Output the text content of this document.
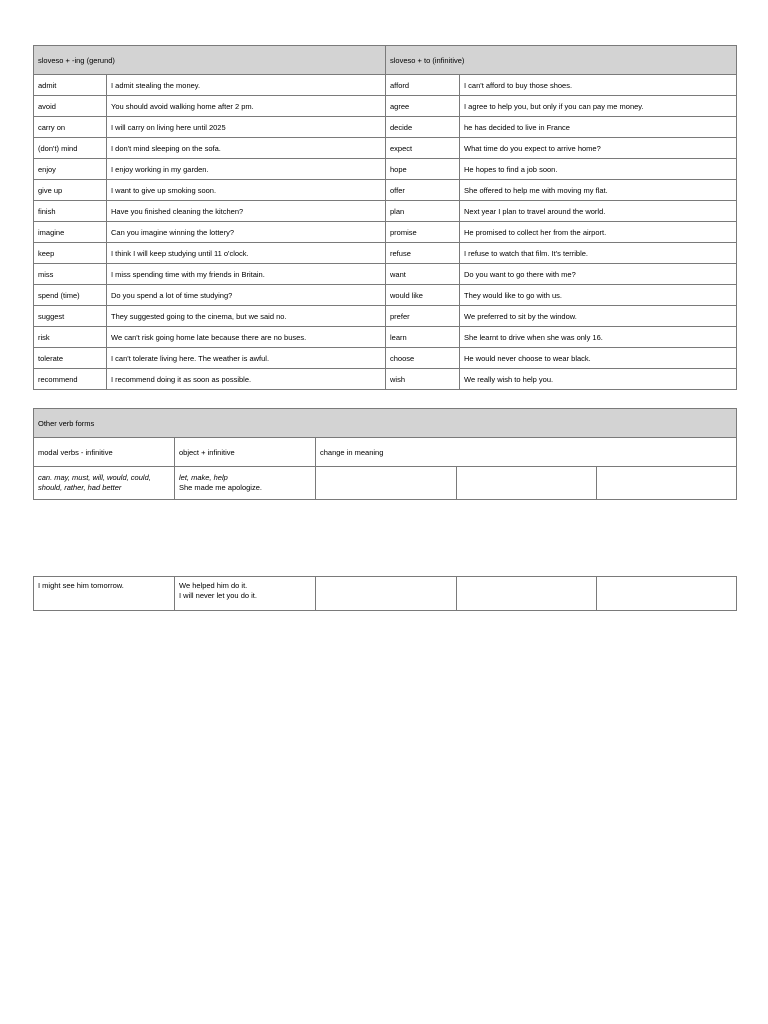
sloveso + -ing (gerund)		sloveso + to (infinitive)	
admit	I admit stealing the money.	afford	I can't afford to buy those shoes.
avoid	You should avoid walking home after 2 pm.	agree	I agree to help you, but only if you can pay me money.
carry on	I will carry on living here until 2025	decide	he has decided to live in France
(don't) mind	I don't mind sleeping on the sofa.	expect	What time do you expect to arrive home?
enjoy	I enjoy working in my garden.	hope	He hopes to find a job soon.
give up	I want to give up smoking soon.	offer	She offered to help me with moving my flat.
finish	Have you finished cleaning the kitchen?	plan	Next year I plan to travel around the world.
imagine	Can you imagine winning the lottery?	promise	He promised to collect her from the airport.
keep	I think I will keep studying until 11 o'clock.	refuse	I refuse to watch that film. It's terrible.
miss	I miss spending time with my friends in Britain.	want	Do you want to go there with me?
spend (time)	Do you spend a lot of time studying?	would like	They would like to go with us.
suggest	They suggested going to the cinema, but we said no.	prefer	We preferred to sit by the window.
risk	We can't risk going home late because there are no buses.	learn	She learnt to drive when she was only 16.
tolerate	I can't tolerate living here. The weather is awful.	choose	He would never choose to wear black.
recommend	I recommend doing it as soon as possible.	wish	We really wish to help you.
Other verb forms				
modal verbs - infinitive	object + infinitive	change in meaning		
can. may, must, will, would, could, should, rather, had better	let, make, help
She made me apologize.			

I might see him tomorrow.	We helped him do it.
I will never let you do it.
